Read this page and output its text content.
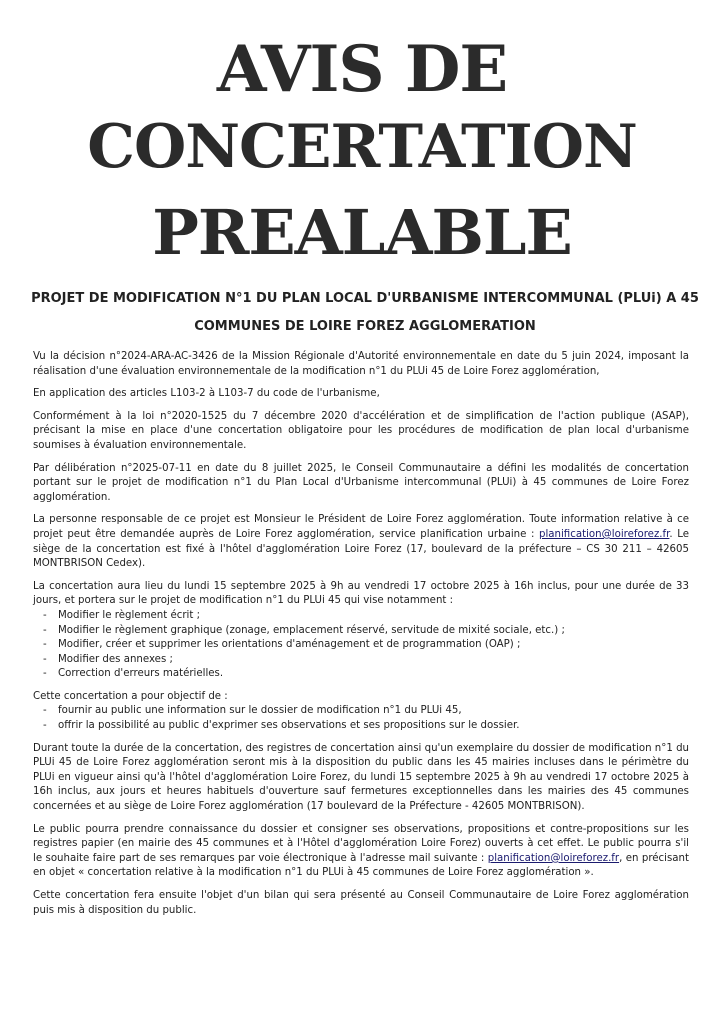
AVIS DE
CONCERTATION
PREALABLE
PROJET DE MODIFICATION N°1 DU PLAN LOCAL D'URBANISME INTERCOMMUNAL (PLUi) A 45 COMMUNES DE LOIRE FOREZ AGGLOMERATION

Vu la décision n°2024-ARA-AC-3426 de la Mission Régionale d'Autorité environnementale en date du 5 juin 2024, imposant la réalisation d'une évaluation environnementale de la modification n°1 du PLUi 45 de Loire Forez agglomération,

En application des articles L103-2 à L103-7 du code de l'urbanisme,

Conformément à la loi n°2020-1525 du 7 décembre 2020 d'accélération et de simplification de l'action publique (ASAP), précisant la mise en place d'une concertation obligatoire pour les procédures de modification de plan local d'urbanisme soumises à évaluation environnementale.

Par délibération n°2025-07-11 en date du 8 juillet 2025, le Conseil Communautaire a défini les modalités de concertation portant sur le projet de modification n°1 du Plan Local d'Urbanisme intercommunal (PLUi) à 45 communes de Loire Forez agglomération.

La personne responsable de ce projet est Monsieur le Président de Loire Forez agglomération. Toute information relative à ce projet peut être demandée auprès de Loire Forez agglomération, service planification urbaine : planification@loireforez.fr. Le siège de la concertation est fixé à l'hôtel d'agglomération Loire Forez (17, boulevard de la préfecture – CS 30 211 – 42605 MONTBRISON Cedex).

La concertation aura lieu du lundi 15 septembre 2025 à 9h au vendredi 17 octobre 2025 à 16h inclus, pour une durée de 33 jours, et portera sur le projet de modification n°1 du PLUi 45 qui vise notamment :

- Modifier le règlement écrit ;
- Modifier le règlement graphique (zonage, emplacement réservé, servitude de mixité sociale, etc.) ;
- Modifier, créer et supprimer les orientations d'aménagement et de programmation (OAP) ;
- Modifier des annexes ;
- Correction d'erreurs matérielles.

Cette concertation a pour objectif de :

- fournir au public une information sur le dossier de modification n°1 du PLUi 45,
- offrir la possibilité au public d'exprimer ses observations et ses propositions sur le dossier.

Durant toute la durée de la concertation, des registres de concertation ainsi qu'un exemplaire du dossier de modification n°1 du PLUi 45 de Loire Forez agglomération seront mis à la disposition du public dans les 45 mairies incluses dans le périmètre du PLUi en vigueur ainsi qu'à l'hôtel d'agglomération Loire Forez, du lundi 15 septembre 2025 à 9h au vendredi 17 octobre 2025 à 16h inclus, aux jours et heures habituels d'ouverture sauf fermetures exceptionnelles dans les mairies des 45 communes concernées et au siège de Loire Forez agglomération (17 boulevard de la Préfecture - 42605 MONTBRISON).

Le public pourra prendre connaissance du dossier et consigner ses observations, propositions et contre-propositions sur les registres papier (en mairie des 45 communes et à l'Hôtel d'agglomération Loire Forez) ouverts à cet effet. Le public pourra s'il le souhaite faire part de ses remarques par voie électronique à l'adresse mail suivante : planification@loireforez.fr, en précisant en objet « concertation relative à la modification n°1 du PLUi à 45 communes de Loire Forez agglomération ».

Cette concertation fera ensuite l'objet d'un bilan qui sera présenté au Conseil Communautaire de Loire Forez agglomération puis mis à disposition du public.
